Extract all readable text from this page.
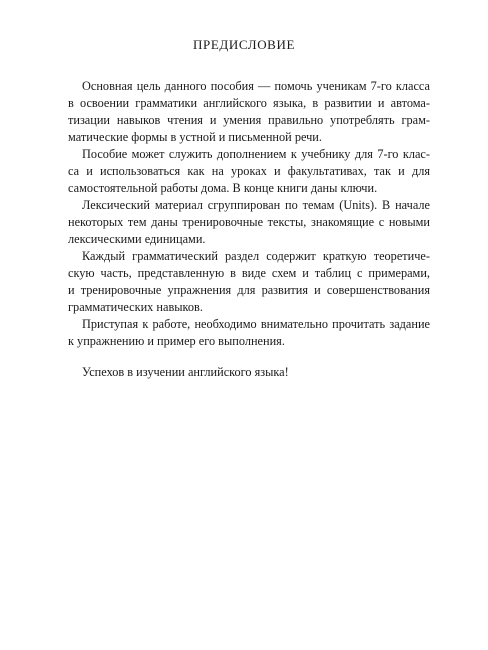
ПРЕДИСЛОВИЕ
Основная цель данного пособия — помочь ученикам 7-го класса
в освоении грамматики английского языка, в развитии и автома-
тизации навыков чтения и умения правильно употреблять грам-
матические формы в устной и письменной речи.
Пособие может служить дополнением к учебнику для 7-го клас-
са и использоваться как на уроках и факультативах, так и для
самостоятельной работы дома. В конце книги даны ключи.
Лексический материал сгруппирован по темам (Units). В начале
некоторых тем даны тренировочные тексты, знакомящие с новыми
лексическими единицами.
Каждый грамматический раздел содержит краткую теоретиче-
скую часть, представленную в виде схем и таблиц с примерами,
и тренировочные упражнения для развития и совершенствования
грамматических навыков.
Приступая к работе, необходимо внимательно прочитать задание
к упражнению и пример его выполнения.
Успехов в изучении английского языка!
